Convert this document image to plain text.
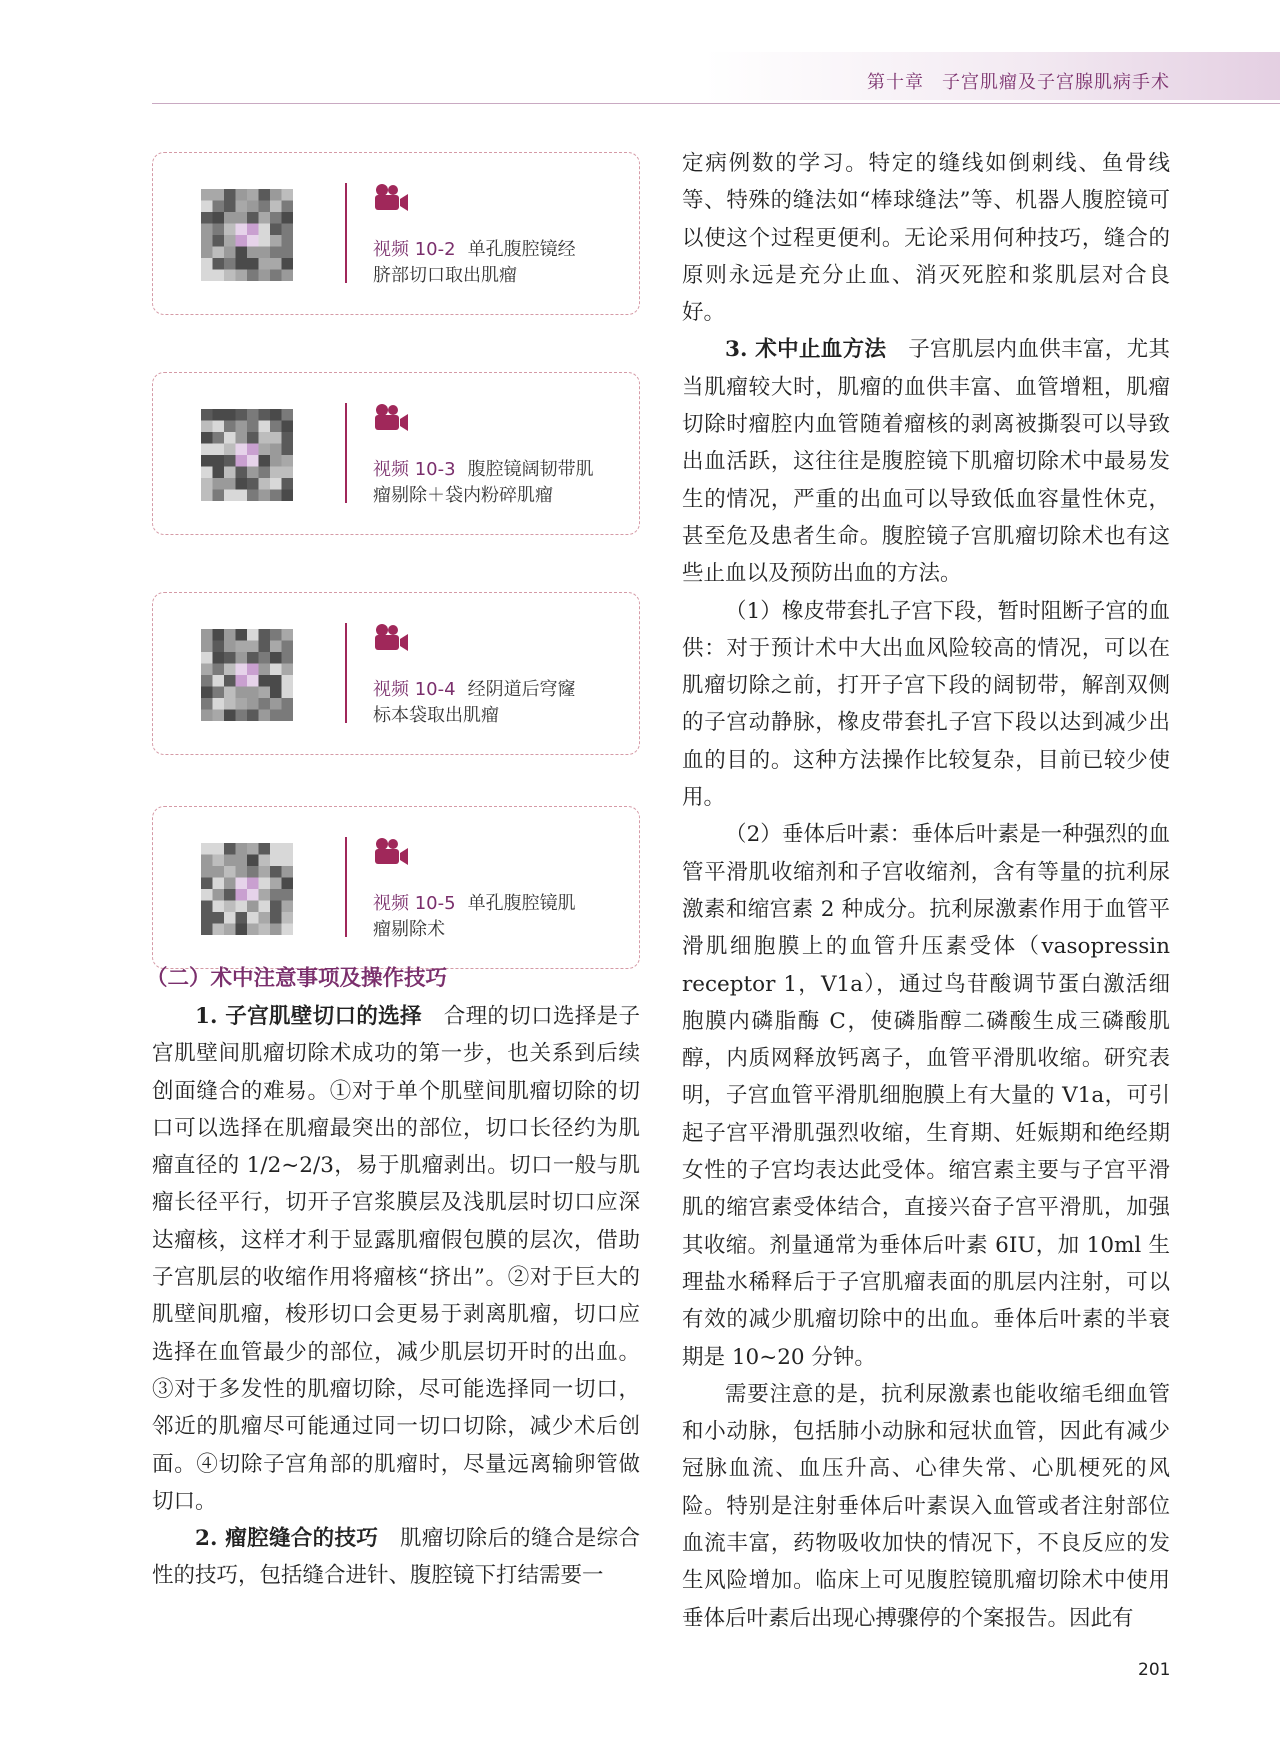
第十章 子宫肌瘤及子宫腺肌病手术
视频 10-2 单孔腹腔镜经
脐部切口取出肌瘤
视频 10-3 腹腔镜阔韧带肌
瘤剔除＋袋内粉碎肌瘤
视频 10-4 经阴道后穹窿
标本袋取出肌瘤
视频 10-5 单孔腹腔镜肌
瘤剔除术

（二）术中注意事项及操作技巧

1. 子宫肌壁切口的选择　 合理的切口选择是子宫肌壁间肌瘤切除术成功的第一步，也关系到后续创面缝合的难易。①对于单个肌壁间肌瘤切除的切口可以选择在肌瘤最突出的部位，切口长径约为肌瘤直径的 1/2~2/3，易于肌瘤剥出。切口一般与肌瘤长径平行，切开子宫浆膜层及浅肌层时切口应深达瘤核，这样才利于显露肌瘤假包膜的层次，借助子宫肌层的收缩作用将瘤核“挤出”。②对于巨大的肌壁间肌瘤，梭形切口会更易于剥离肌瘤，切口应选择在血管最少的部位，减少肌层切开时的出血。③对于多发性的肌瘤切除，尽可能选择同一切口，邻近的肌瘤尽可能通过同一切口切除，减少术后创面。④切除子宫角部的肌瘤时，尽量远离输卵管做切口。

2. 瘤腔缝合的技巧　 肌瘤切除后的缝合是综合性的技巧，包括缝合进针、腹腔镜下打结需要一

定病例数的学习。特定的缝线如倒刺线、鱼骨线等、特殊的缝法如“棒球缝法”等、机器人腹腔镜可以使这个过程更便利。无论采用何种技巧，缝合的原则永远是充分止血、消灭死腔和浆肌层对合良好。

3. 术中止血方法　 子宫肌层内血供丰富，尤其当肌瘤较大时，肌瘤的血供丰富、血管增粗，肌瘤切除时瘤腔内血管随着瘤核的剥离被撕裂可以导致出血活跃，这往往是腹腔镜下肌瘤切除术中最易发生的情况，严重的出血可以导致低血容量性休克，甚至危及患者生命。腹腔镜子宫肌瘤切除术也有这些止血以及预防出血的方法。

（1）橡皮带套扎子宫下段，暂时阻断子宫的血供：对于预计术中大出血风险较高的情况，可以在肌瘤切除之前，打开子宫下段的阔韧带，解剖双侧的子宫动静脉，橡皮带套扎子宫下段以达到减少出血的目的。这种方法操作比较复杂，目前已较少使用。

（2）垂体后叶素：垂体后叶素是一种强烈的血管平滑肌收缩剂和子宫收缩剂，含有等量的抗利尿激素和缩宫素 2 种成分。抗利尿激素作用于血管平滑肌细胞膜上的血管升压素受体（vasopressin receptor 1，V1a），通过鸟苷酸调节蛋白激活细胞膜内磷脂酶 C，使磷脂醇二磷酸生成三磷酸肌醇，内质网释放钙离子，血管平滑肌收缩。研究表明，子宫血管平滑肌细胞膜上有大量的 V1a，可引起子宫平滑肌强烈收缩，生育期、妊娠期和绝经期女性的子宫均表达此受体。缩宫素主要与子宫平滑肌的缩宫素受体结合，直接兴奋子宫平滑肌，加强其收缩。剂量通常为垂体后叶素 6IU，加 10ml 生理盐水稀释后于子宫肌瘤表面的肌层内注射，可以有效的减少肌瘤切除中的出血。垂体后叶素的半衰期是 10~20 分钟。

需要注意的是，抗利尿激素也能收缩毛细血管和小动脉，包括肺小动脉和冠状血管，因此有减少冠脉血流、血压升高、心律失常、心肌梗死的风险。特别是注射垂体后叶素误入血管或者注射部位血流丰富，药物吸收加快的情况下，不良反应的发生风险增加。临床上可见腹腔镜肌瘤切除术中使用垂体后叶素后出现心搏骤停的个案报告。因此有

201
